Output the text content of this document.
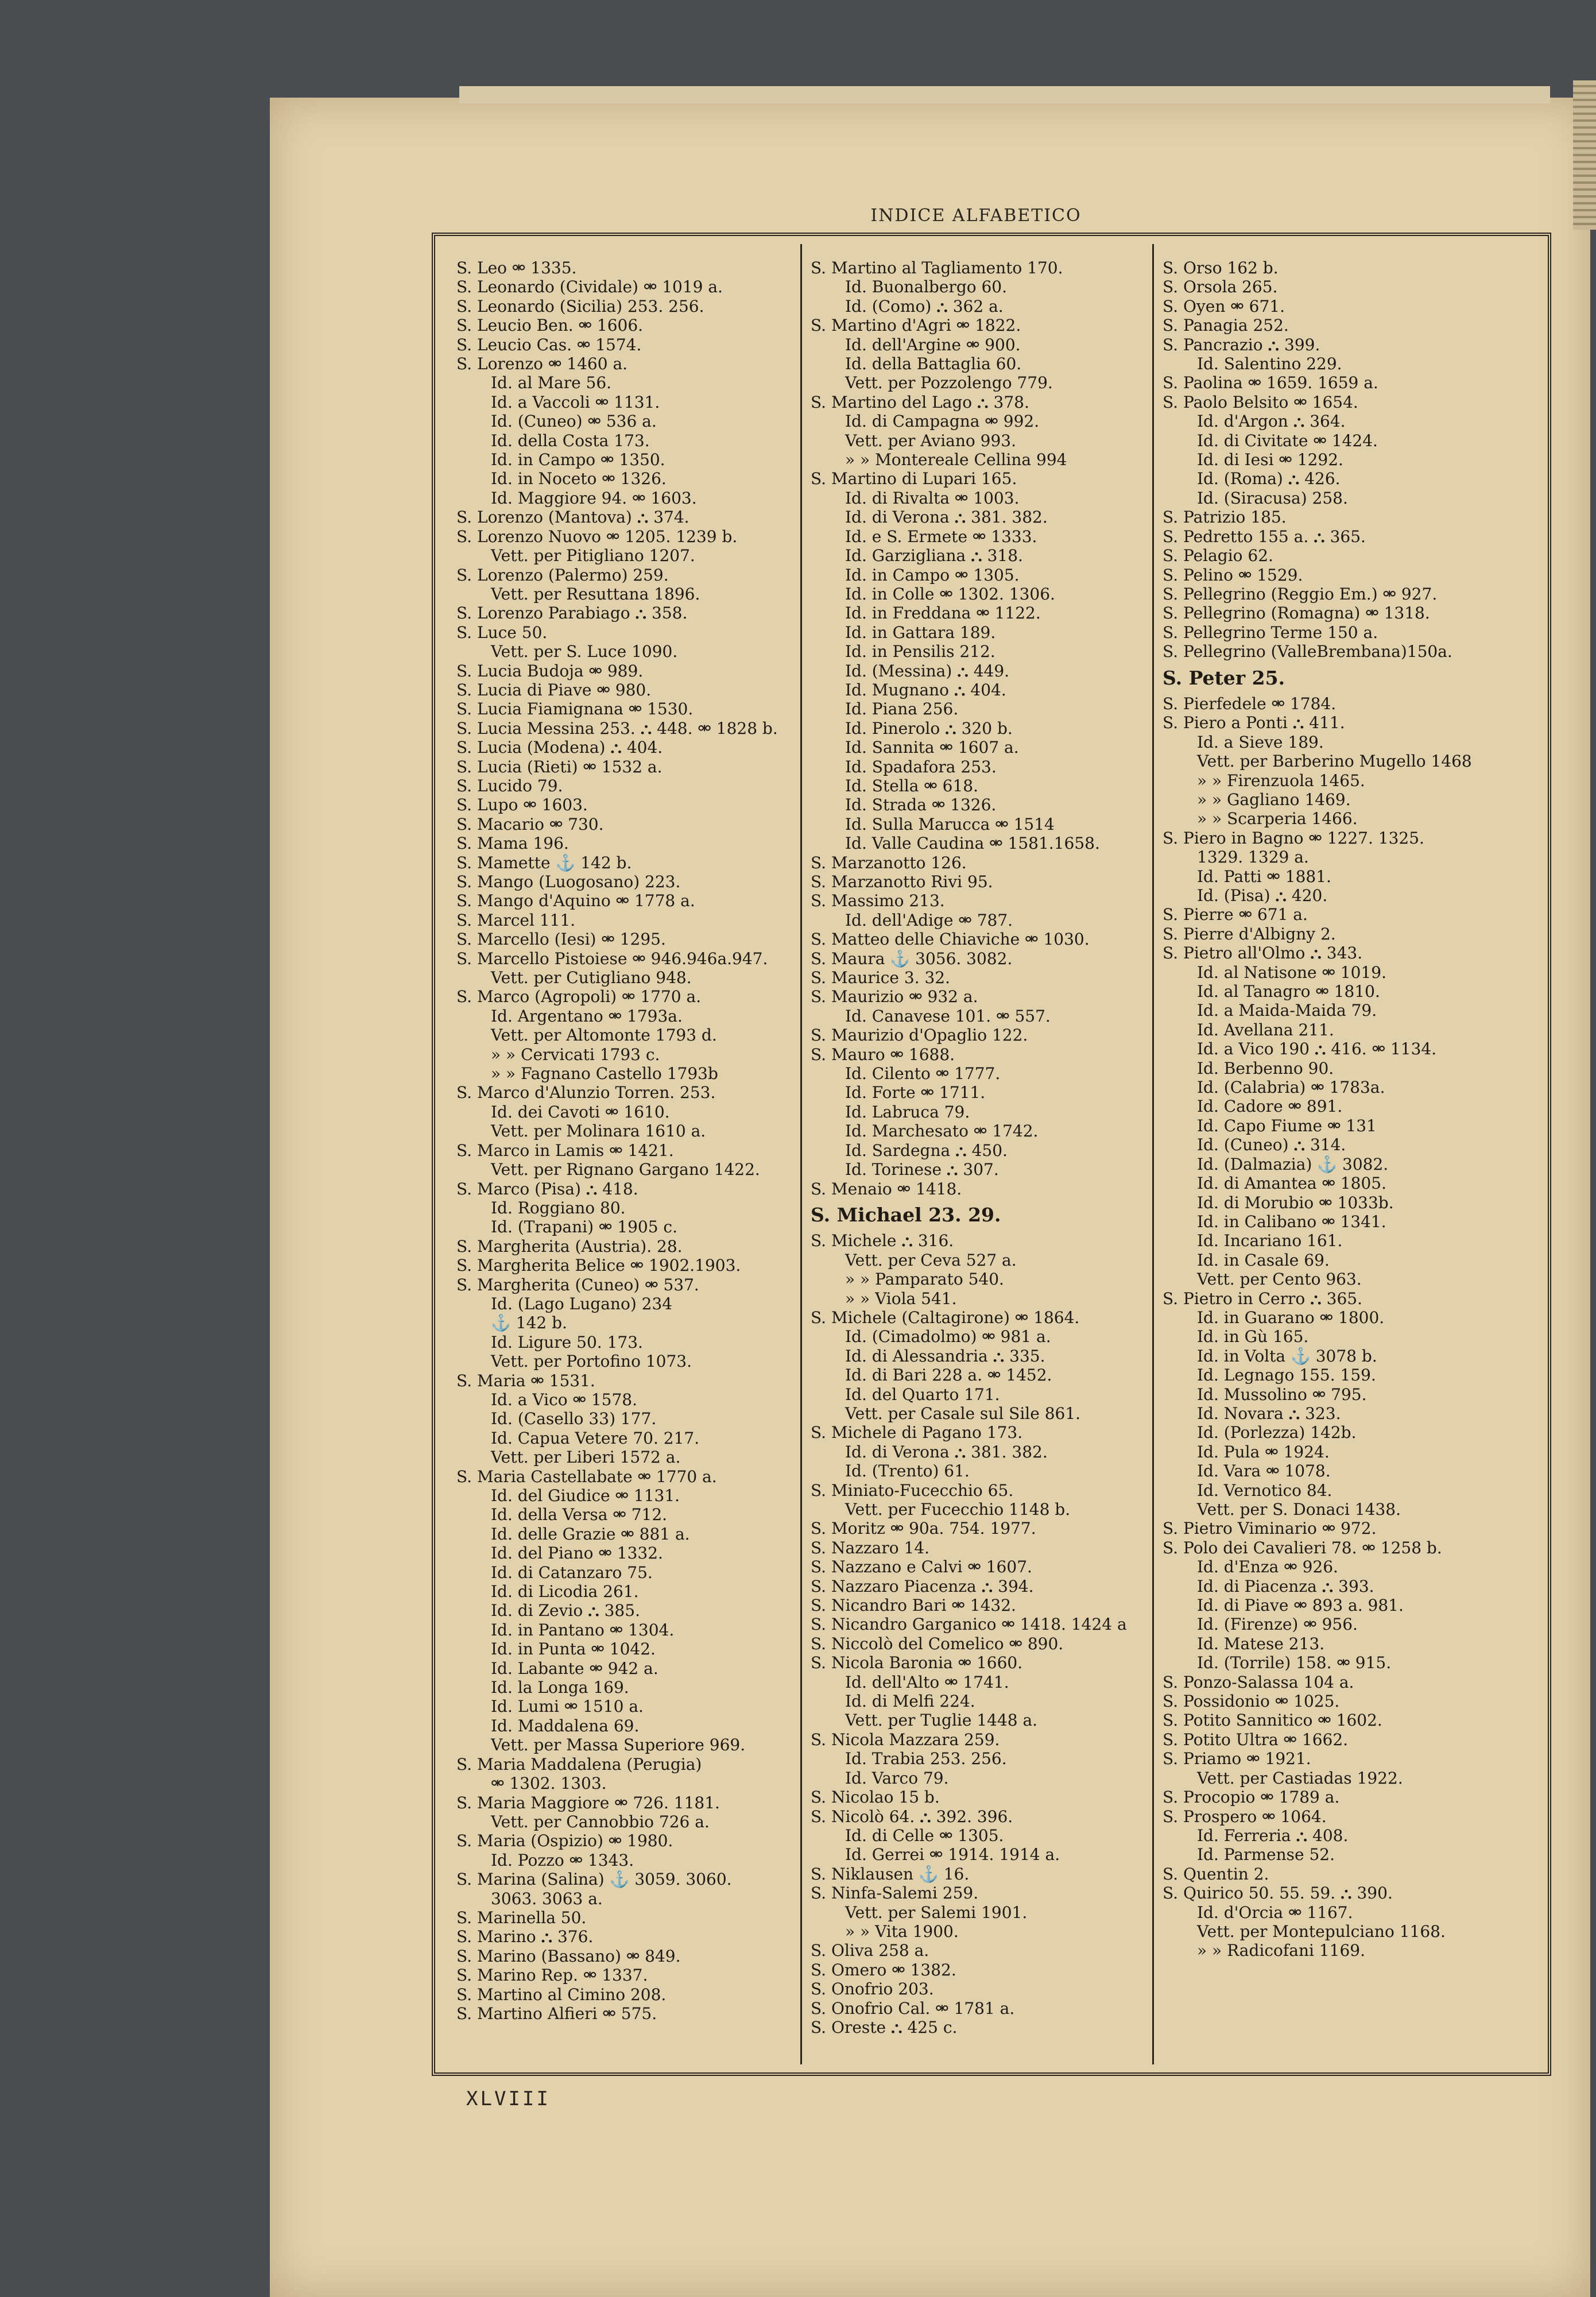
INDICE ALFABETICO
S. Leo ⚮ 1335.
S. Leonardo (Cividale) ⚮ 1019 a.
S. Leonardo (Sicilia) 253. 256.
S. Leucio Ben. ⚮ 1606.
S. Leucio Cas. ⚮ 1574.
S. Lorenzo ⚮ 1460 a.
Id. al Mare 56.
Id. a Vaccoli ⚮ 1131.
Id. (Cuneo) ⚮ 536 a.
Id. della Costa 173.
Id. in Campo ⚮ 1350.
Id. in Noceto ⚮ 1326.
Id. Maggiore 94. ⚮ 1603.
S. Lorenzo (Mantova) ⛬ 374.
S. Lorenzo Nuovo ⚮ 1205. 1239 b.
Vett. per Pitigliano 1207.
S. Lorenzo (Palermo) 259.
Vett. per Resuttana 1896.
S. Lorenzo Parabiago ⛬ 358.
S. Luce 50.
Vett. per S. Luce 1090.
S. Lucia Budoja ⚮ 989.
S. Lucia di Piave ⚮ 980.
S. Lucia Fiamignana ⚮ 1530.
S. Lucia Messina 253. ⛬ 448. ⚮ 1828 b.
S. Lucia (Modena) ⛬ 404.
S. Lucia (Rieti) ⚮ 1532 a.
S. Lucido 79.
S. Lupo ⚮ 1603.
S. Macario ⚮ 730.
S. Mama 196.
S. Mamette ⚓ 142 b.
S. Mango (Luogosano) 223.
S. Mango d'Aquino ⚮ 1778 a.
S. Marcel 111.
S. Marcello (Iesi) ⚮ 1295.
S. Marcello Pistoiese ⚮ 946.946a.947.
Vett. per Cutigliano 948.
S. Marco (Agropoli) ⚮ 1770 a.
Id. Argentano ⚮ 1793a.
Vett. per Altomonte 1793 d.
» » Cervicati 1793 c.
» » Fagnano Castello 1793b
S. Marco d'Alunzio Torren. 253.
Id. dei Cavoti ⚮ 1610.
Vett. per Molinara 1610 a.
S. Marco in Lamis ⚮ 1421.
Vett. per Rignano Gargano 1422.
S. Marco (Pisa) ⛬ 418.
Id. Roggiano 80.
Id. (Trapani) ⚮ 1905 c.
S. Margherita (Austria). 28.
S. Margherita Belice ⚮ 1902.1903.
S. Margherita (Cuneo) ⚮ 537.
Id. (Lago Lugano) 234
⚓ 142 b.
Id. Ligure 50. 173.
Vett. per Portofino 1073.
S. Maria ⚮ 1531.
Id. a Vico ⚮ 1578.
Id. (Casello 33) 177.
Id. Capua Vetere 70. 217.
Vett. per Liberi 1572 a.
S. Maria Castellabate ⚮ 1770 a.
Id. del Giudice ⚮ 1131.
Id. della Versa ⚮ 712.
Id. delle Grazie ⚮ 881 a.
Id. del Piano ⚮ 1332.
Id. di Catanzaro 75.
Id. di Licodia 261.
Id. di Zevio ⛬ 385.
Id. in Pantano ⚮ 1304.
Id. in Punta ⚮ 1042.
Id. Labante ⚮ 942 a.
Id. la Longa 169.
Id. Lumi ⚮ 1510 a.
Id. Maddalena 69.
Vett. per Massa Superiore 969.
S. Maria Maddalena (Perugia)
⚮ 1302. 1303.
S. Maria Maggiore ⚮ 726. 1181.
Vett. per Cannobbio 726 a.
S. Maria (Ospizio) ⚮ 1980.
Id. Pozzo ⚮ 1343.
S. Marina (Salina) ⚓ 3059. 3060.
3063. 3063 a.
S. Marinella 50.
S. Marino ⛬ 376.
S. Marino (Bassano) ⚮ 849.
S. Marino Rep. ⚮ 1337.
S. Martino al Cimino 208.
S. Martino Alfieri ⚮ 575.
S. Martino al Tagliamento 170.
Id. Buonalbergo 60.
Id. (Como) ⛬ 362 a.
S. Martino d'Agri ⚮ 1822.
Id. dell'Argine ⚮ 900.
Id. della Battaglia 60.
Vett. per Pozzolengo 779.
S. Martino del Lago ⛬ 378.
Id. di Campagna ⚮ 992.
Vett. per Aviano 993.
» » Montereale Cellina 994
S. Martino di Lupari 165.
Id. di Rivalta ⚮ 1003.
Id. di Verona ⛬ 381. 382.
Id. e S. Ermete ⚮ 1333.
Id. Garzigliana ⛬ 318.
Id. in Campo ⚮ 1305.
Id. in Colle ⚮ 1302. 1306.
Id. in Freddana ⚮ 1122.
Id. in Gattara 189.
Id. in Pensilis 212.
Id. (Messina) ⛬ 449.
Id. Mugnano ⛬ 404.
Id. Piana 256.
Id. Pinerolo ⛬ 320 b.
Id. Sannita ⚮ 1607 a.
Id. Spadafora 253.
Id. Stella ⚮ 618.
Id. Strada ⚮ 1326.
Id. Sulla Marucca ⚮ 1514
Id. Valle Caudina ⚮ 1581.1658.
S. Marzanotto 126.
S. Marzanotto Rivi 95.
S. Massimo 213.
Id. dell'Adige ⚮ 787.
S. Matteo delle Chiaviche ⚮ 1030.
S. Maura ⚓ 3056. 3082.
S. Maurice 3. 32.
S. Maurizio ⚮ 932 a.
Id. Canavese 101. ⚮ 557.
S. Maurizio d'Opaglio 122.
S. Mauro ⚮ 1688.
Id. Cilento ⚮ 1777.
Id. Forte ⚮ 1711.
Id. Labruca 79.
Id. Marchesato ⚮ 1742.
Id. Sardegna ⛬ 450.
Id. Torinese ⛬ 307.
S. Menaio ⚮ 1418.
S. Michael 23. 29.
S. Michele ⛬ 316.
Vett. per Ceva 527 a.
» » Pamparato 540.
» » Viola 541.
S. Michele (Caltagirone) ⚮ 1864.
Id. (Cimadolmo) ⚮ 981 a.
Id. di Alessandria ⛬ 335.
Id. di Bari 228 a. ⚮ 1452.
Id. del Quarto 171.
Vett. per Casale sul Sile 861.
S. Michele di Pagano 173.
Id. di Verona ⛬ 381. 382.
Id. (Trento) 61.
S. Miniato-Fucecchio 65.
Vett. per Fucecchio 1148 b.
S. Moritz ⚮ 90a. 754. 1977.
S. Nazzaro 14.
S. Nazzano e Calvi ⚮ 1607.
S. Nazzaro Piacenza ⛬ 394.
S. Nicandro Bari ⚮ 1432.
S. Nicandro Garganico ⚮ 1418. 1424 a
S. Niccolò del Comelico ⚮ 890.
S. Nicola Baronia ⚮ 1660.
Id. dell'Alto ⚮ 1741.
Id. di Melfi 224.
Vett. per Tuglie 1448 a.
S. Nicola Mazzara 259.
Id. Trabia 253. 256.
Id. Varco 79.
S. Nicolao 15 b.
S. Nicolò 64. ⛬ 392. 396.
Id. di Celle ⚮ 1305.
Id. Gerrei ⚮ 1914. 1914 a.
S. Niklausen ⚓ 16.
S. Ninfa-Salemi 259.
Vett. per Salemi 1901.
» » Vita 1900.
S. Oliva 258 a.
S. Omero ⚮ 1382.
S. Onofrio 203.
S. Onofrio Cal. ⚮ 1781 a.
S. Oreste ⛬ 425 c.
S. Orso 162 b.
S. Orsola 265.
S. Oyen ⚮ 671.
S. Panagia 252.
S. Pancrazio ⛬ 399.
Id. Salentino 229.
S. Paolina ⚮ 1659. 1659 a.
S. Paolo Belsito ⚮ 1654.
Id. d'Argon ⛬ 364.
Id. di Civitate ⚮ 1424.
Id. di Iesi ⚮ 1292.
Id. (Roma) ⛬ 426.
Id. (Siracusa) 258.
S. Patrizio 185.
S. Pedretto 155 a. ⛬ 365.
S. Pelagio 62.
S. Pelino ⚮ 1529.
S. Pellegrino (Reggio Em.) ⚮ 927.
S. Pellegrino (Romagna) ⚮ 1318.
S. Pellegrino Terme 150 a.
S. Pellegrino (ValleBrembana)150a.
S. Peter 25.
S. Pierfedele ⚮ 1784.
S. Piero a Ponti ⛬ 411.
Id. a Sieve 189.
Vett. per Barberino Mugello 1468
» » Firenzuola 1465.
» » Gagliano 1469.
» » Scarperia 1466.
S. Piero in Bagno ⚮ 1227. 1325.
1329. 1329 a.
Id. Patti ⚮ 1881.
Id. (Pisa) ⛬ 420.
S. Pierre ⚮ 671 a.
S. Pierre d'Albigny 2.
S. Pietro all'Olmo ⛬ 343.
Id. al Natisone ⚮ 1019.
Id. al Tanagro ⚮ 1810.
Id. a Maida-Maida 79.
Id. Avellana 211.
Id. a Vico 190 ⛬ 416. ⚮ 1134.
Id. Berbenno 90.
Id. (Calabria) ⚮ 1783a.
Id. Cadore ⚮ 891.
Id. Capo Fiume ⚮ 131
Id. (Cuneo) ⛬ 314.
Id. (Dalmazia) ⚓ 3082.
Id. di Amantea ⚮ 1805.
Id. di Morubio ⚮ 1033b.
Id. in Calibano ⚮ 1341.
Id. Incariano 161.
Id. in Casale 69.
Vett. per Cento 963.
S. Pietro in Cerro ⛬ 365.
Id. in Guarano ⚮ 1800.
Id. in Gù 165.
Id. in Volta ⚓ 3078 b.
Id. Legnago 155. 159.
Id. Mussolino ⚮ 795.
Id. Novara ⛬ 323.
Id. (Porlezza) 142b.
Id. Pula ⚮ 1924.
Id. Vara ⚮ 1078.
Id. Vernotico 84.
Vett. per S. Donaci 1438.
S. Pietro Viminario ⚮ 972.
S. Polo dei Cavalieri 78. ⚮ 1258 b.
Id. d'Enza ⚮ 926.
Id. di Piacenza ⛬ 393.
Id. di Piave ⚮ 893 a. 981.
Id. (Firenze) ⚮ 956.
Id. Matese 213.
Id. (Torrile) 158. ⚮ 915.
S. Ponzo-Salassa 104 a.
S. Possidonio ⚮ 1025.
S. Potito Sannitico ⚮ 1602.
S. Potito Ultra ⚮ 1662.
S. Priamo ⚮ 1921.
Vett. per Castiadas 1922.
S. Procopio ⚮ 1789 a.
S. Prospero ⚮ 1064.
Id. Ferreria ⛬ 408.
Id. Parmense 52.
S. Quentin 2.
S. Quirico 50. 55. 59. ⛬ 390.
Id. d'Orcia ⚮ 1167.
Vett. per Montepulciano 1168.
» » Radicofani 1169.
XLVIII
